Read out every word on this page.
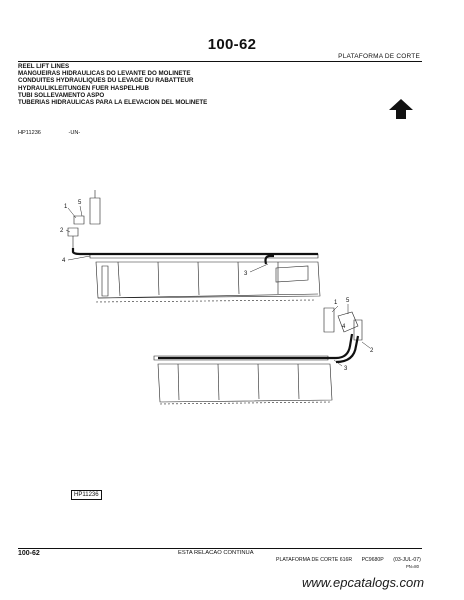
100-62
PLATAFORMA DE CORTE
REEL LIFT LINES
MANGUEIRAS HIDRAULICAS DO LEVANTE DO MOLINETE
CONDUITES HYDRAULIQUES DU LEVAGE DU RABATTEUR
HYDRAULIKLEITUNGEN FUER HASPELHUB
TUBI SOLLEVAMENTO ASPO
TUBERIAS HIDRAULICAS PARA LA ELEVACION DEL MOLINETE
HP11236	-UN-
1
2
3
4
5
1
2
3
4
5
HP11236
100-62	ESTA RELACAO CONTINUA
PLATAFORMA DE CORTE 616R PC9680P (03-JUL-07)
PN=80
www.epcatalogs.com
